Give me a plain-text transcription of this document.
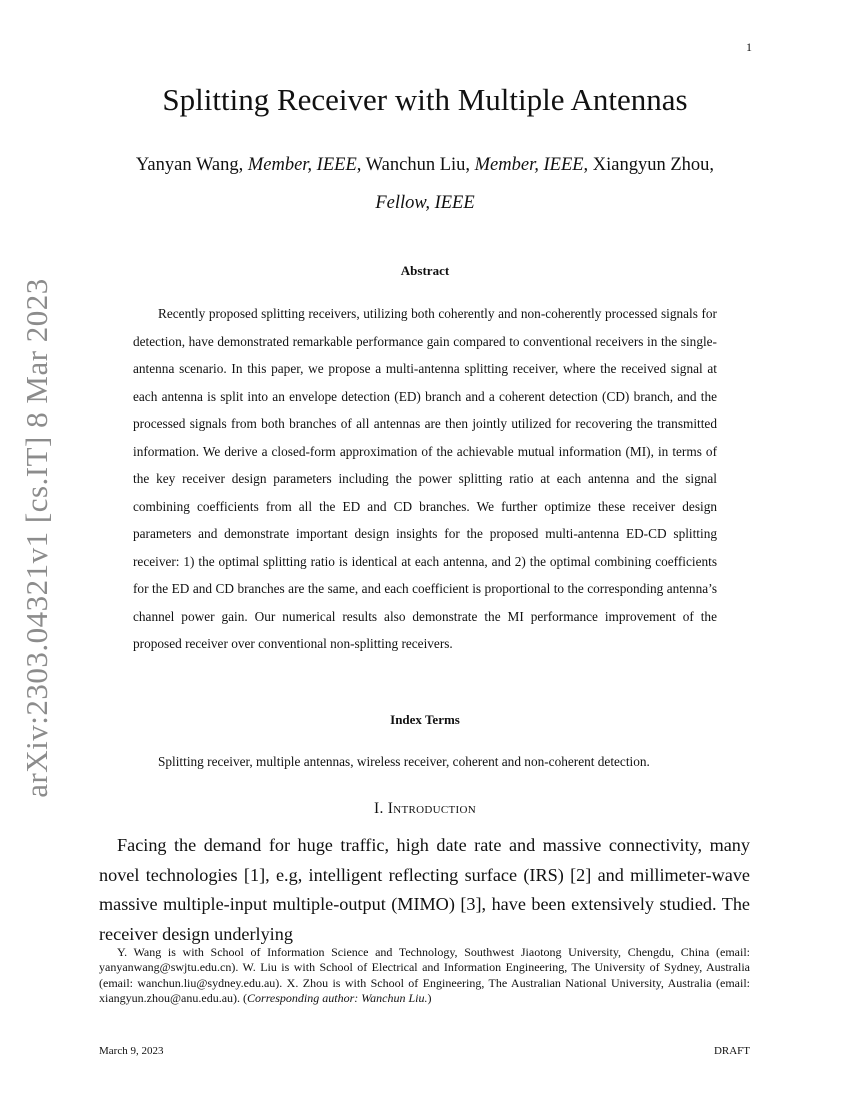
1
arXiv:2303.04321v1 [cs.IT] 8 Mar 2023
Splitting Receiver with Multiple Antennas
Yanyan Wang, Member, IEEE, Wanchun Liu, Member, IEEE, Xiangyun Zhou,
Fellow, IEEE
Abstract

Recently proposed splitting receivers, utilizing both coherently and non-coherently processed signals for detection, have demonstrated remarkable performance gain compared to conventional receivers in the single-antenna scenario. In this paper, we propose a multi-antenna splitting receiver, where the received signal at each antenna is split into an envelope detection (ED) branch and a coherent detection (CD) branch, and the processed signals from both branches of all antennas are then jointly utilized for recovering the transmitted information. We derive a closed-form approximation of the achievable mutual information (MI), in terms of the key receiver design parameters including the power splitting ratio at each antenna and the signal combining coefficients from all the ED and CD branches. We further optimize these receiver design parameters and demonstrate important design insights for the proposed multi-antenna ED-CD splitting receiver: 1) the optimal splitting ratio is identical at each antenna, and 2) the optimal combining coefficients for the ED and CD branches are the same, and each coefficient is proportional to the corresponding antenna’s channel power gain. Our numerical results also demonstrate the MI performance improvement of the proposed receiver over conventional non-splitting receivers.

Index Terms

Splitting receiver, multiple antennas, wireless receiver, coherent and non-coherent detection.

I. Introduction

Facing the demand for huge traffic, high date rate and massive connectivity, many novel technologies [1], e.g, intelligent reflecting surface (IRS) [2] and millimeter-wave massive multiple-input multiple-output (MIMO) [3], have been extensively studied. The receiver design underlying

Y. Wang is with School of Information Science and Technology, Southwest Jiaotong University, Chengdu, China (email: yanyanwang@swjtu.edu.cn). W. Liu is with School of Electrical and Information Engineering, The University of Sydney, Australia (email: wanchun.liu@sydney.edu.au). X. Zhou is with School of Engineering, The Australian National University, Australia (email: xiangyun.zhou@anu.edu.au). (Corresponding author: Wanchun Liu.)

March 9, 2023	DRAFT
